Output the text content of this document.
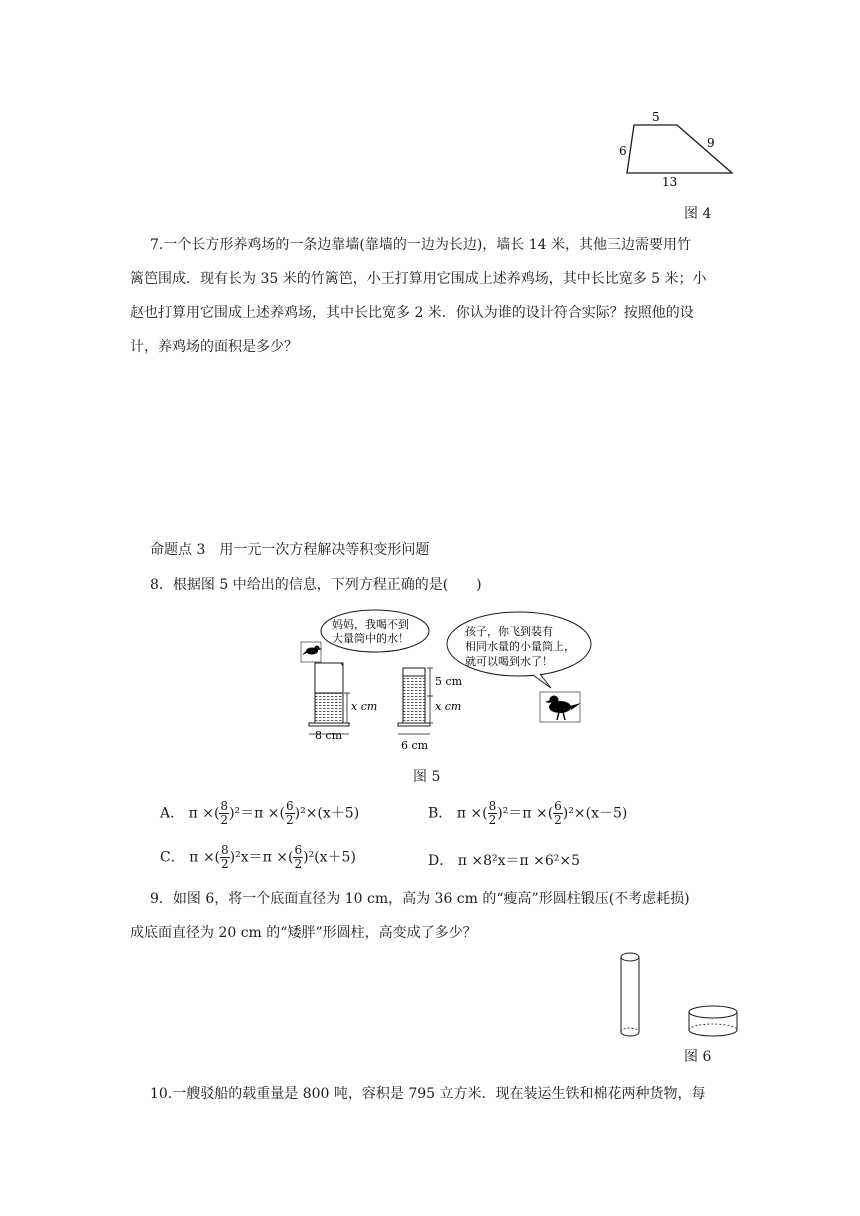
5
6
9
13
图 4
7.一个长方形养鸡场的一条边靠墙(靠墙的一边为长边)，墙长 14 米，其他三边需要用竹
篱笆围成．现有长为 35 米的竹篱笆，小王打算用它围成上述养鸡场，其中长比宽多 5 米；小
赵也打算用它围成上述养鸡场，其中长比宽多 2 米．你认为谁的设计符合实际？按照他的设
计，养鸡场的面积是多少？
命题点 3　用一元一次方程解决等积变形问题
8．根据图 5 中给出的信息，下列方程正确的是(　　)
妈妈，我喝不到
大量筒中的水！
孩子，你飞到装有
相同水量的小量筒上，
就可以喝到水了！
x cm
8 cm
5 cm
x cm
6 cm
图 5
A． π ×( $\frac{8}{2} )^2=\pi$ ×( $\frac{6}{2} )^2\times(x+5)$	B． π ×( $\frac{8}{2} )^2=\pi$ ×( $\frac{6}{2} )^2\times(x-5)$
C． π ×( $\frac{8}{2} )^2x=\pi$ ×( $\frac{6}{2} )^2(x+5)$	D． π ×8²x＝π ×6²×5
9．如图 6，将一个底面直径为 10 cm，高为 36 cm 的“瘦高”形圆柱锻压(不考虑耗损)
成底面直径为 20 cm 的“矮胖”形圆柱，高变成了多少？
图 6
10.一艘驳船的载重量是 800 吨，容积是 795 立方米．现在装运生铁和棉花两种货物，每
